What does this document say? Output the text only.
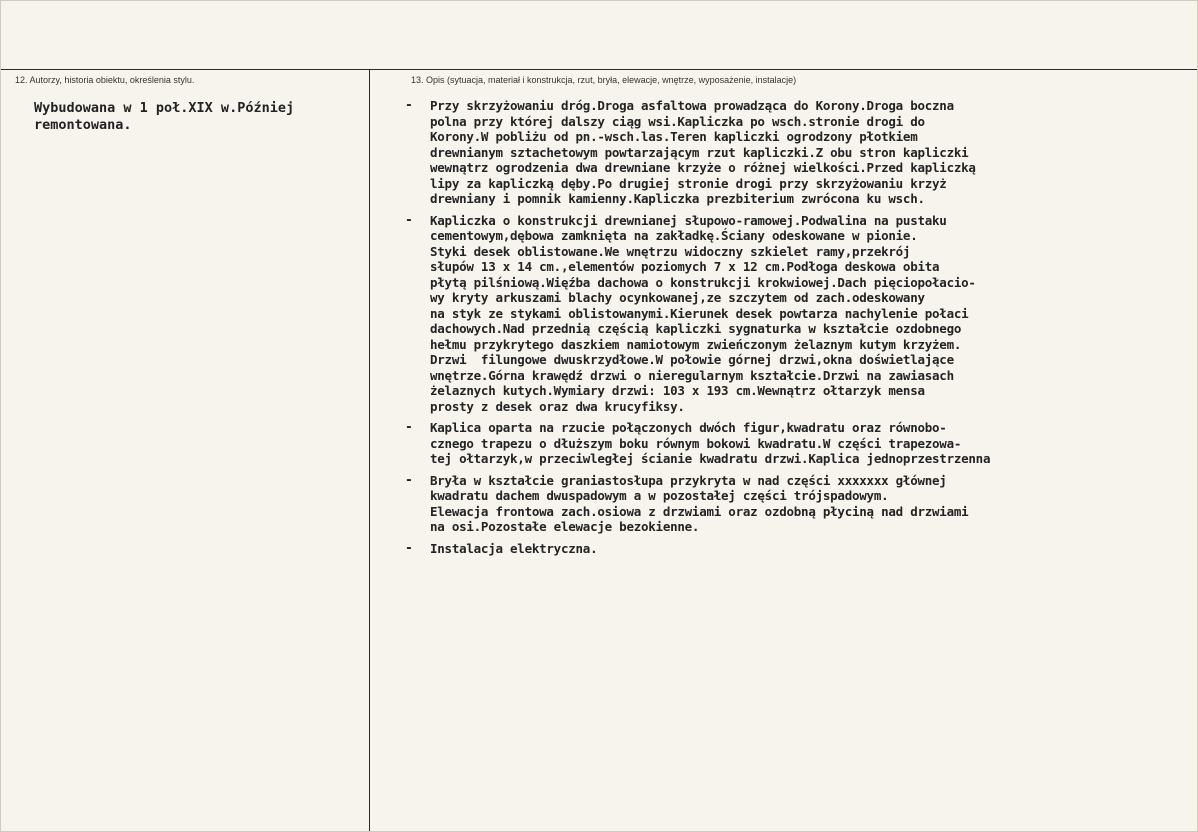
12. Autorzy, historia obiektu, określenia stylu.	13. Opis (sytuacja, materiał i konstrukcja, rzut, bryła, elewacje, wnętrze, wyposażenie, instalacje)
Wybudowana w 1 poł.XIX w.Później
remontowana.
- Przy skrzyżowaniu dróg.Droga asfaltowa prowadząca do Korony.Droga boczna
polna przy której dalszy ciąg wsi.Kapliczka po wsch.stronie drogi do
Korony.W pobliżu od pn.-wsch.las.Teren kapliczki ogrodzony płotkiem
drewnianym sztachetowym powtarzającym rzut kapliczki.Z obu stron kapliczki
wewnątrz ogrodzenia dwa drewniane krzyże o różnej wielkości.Przed kapliczką
lipy za kapliczką dęby.Po drugiej stronie drogi przy skrzyżowaniu krzyż
drewniany i pomnik kamienny.Kapliczka prezbiterium zwrócona ku wsch.
- Kapliczka o konstrukcji drewnianej słupowo-ramowej.Podwalina na pustaku
cementowym,dębowa zamknięta na zakładkę.Ściany odeskowane w pionie.
Styki desek oblistowane.We wnętrzu widoczny szkielet ramy,przekrój
słupów 13 x 14 cm.,elementów poziomych 7 x 12 cm.Podłoga deskowa obita
płytą pilśniową.Więźba dachowa o konstrukcji krokwiowej.Dach pięciopołacio-
wy kryty arkuszami blachy ocynkowanej,ze szczytem od zach.odeskowany
na styk ze stykami oblistowanymi.Kierunek desek powtarza nachylenie połaci
dachowych.Nad przednią częścią kapliczki sygnaturka w kształcie ozdobnego
hełmu przykrytego daszkiem namiotowym zwieńczonym żelaznym kutym krzyżem.
Drzwi  filungowe dwuskrzydłowe.W połowie górnej drzwi,okna doświetlające
wnętrze.Górna krawędź drzwi o nieregularnym kształcie.Drzwi na zawiasach
żelaznych kutych.Wymiary drzwi: 103 x 193 cm.Wewnątrz ołtarzyk mensa
prosty z desek oraz dwa krucyfiksy.
- Kaplica oparta na rzucie połączonych dwóch figur,kwadratu oraz równobo-
cznego trapezu o dłuższym boku równym bokowi kwadratu.W części trapezowa-
tej ołtarzyk,w przeciwległej ścianie kwadratu drzwi.Kaplica jednoprzestrzenna
- Bryła w kształcie graniastosłupa przykryta w nad części xxxxxxx głównej
kwadratu dachem dwuspadowym a w pozostałej części trójspadowym.
Elewacja frontowa zach.osiowa z drzwiami oraz ozdobną płyciną nad drzwiami
na osi.Pozostałe elewacje bezokienne.
- Instalacja elektryczna.
